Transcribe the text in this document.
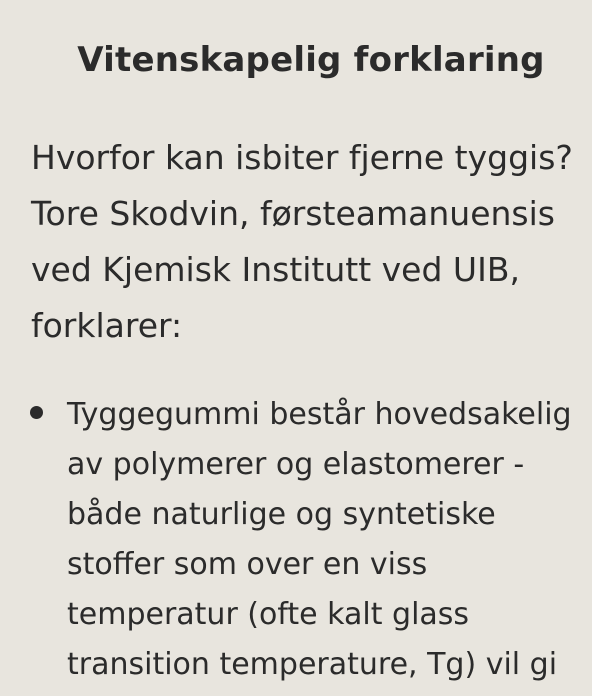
Vitenskapelig forklaring

Hvorfor kan isbiter fjerne tyggis?
Tore Skodvin, førsteamanuensis
ved Kjemisk Institutt ved UIB,
forklarer:

Tyggegummi består hovedsakelig
av polymerer og elastomerer -
både naturlige og syntetiske
stoffer som over en viss
temperatur (ofte kalt glass
transition temperature, Tg) vil gi
